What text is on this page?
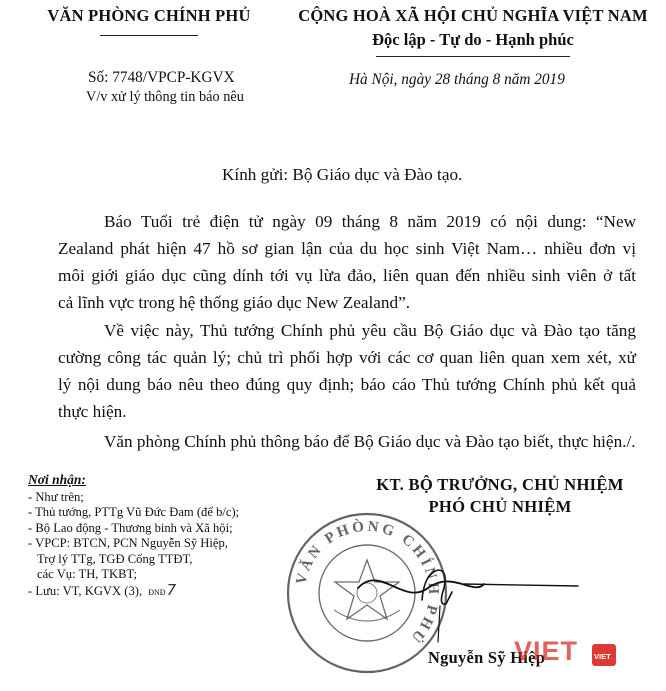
VĂN PHÒNG CHÍNH PHỦ
Số: 7748/VPCP-KGVX
V/v xử lý thông tin báo nêu
CỘNG HOÀ XÃ HỘI CHỦ NGHĨA VIỆT NAM
Độc lập - Tự do - Hạnh phúc
Hà Nội, ngày 28 tháng 8 năm 2019
Kính gửi: Bộ Giáo dục và Đào tạo.
Báo Tuổi trẻ điện tử ngày 09 tháng 8 năm 2019 có nội dung: “New
Zealand phát hiện 47 hồ sơ gian lận của du học sinh Việt Nam… nhiều đơn vị
môi giới giáo dục cũng dính tới vụ lừa đảo, liên quan đến nhiều sinh viên ở tất
cả lĩnh vực trong hệ thống giáo dục New Zealand”.
Về việc này, Thủ tướng Chính phủ yêu cầu Bộ Giáo dục và Đào tạo tăng
cường công tác quản lý; chủ trì phối hợp với các cơ quan liên quan xem xét, xử
lý nội dung báo nêu theo đúng quy định; báo cáo Thủ tướng Chính phủ kết quả
thực hiện.
Văn phòng Chính phủ thông báo để Bộ Giáo dục và Đào tạo biết, thực hiện./.
Nơi nhận:
- Như trên;
- Thủ tướng, PTTg Vũ Đức Đam (để b/c);
- Bộ Lao động - Thương binh và Xã hội;
- VPCP: BTCN, PCN Nguyễn Sỹ Hiệp,
Trợ lý TTg, TGĐ Cổng TTĐT,
các Vụ: TH, TKBT;
- Lưu: VT, KGVX (3), ĐNĐ7
KT. BỘ TRƯỞNG, CHỦ NHIỆM
PHÓ CHỦ NHIỆM
VĂN PHÒNG CHÍNH PHỦ
Nguyễn Sỹ Hiệp
VIET VIET
